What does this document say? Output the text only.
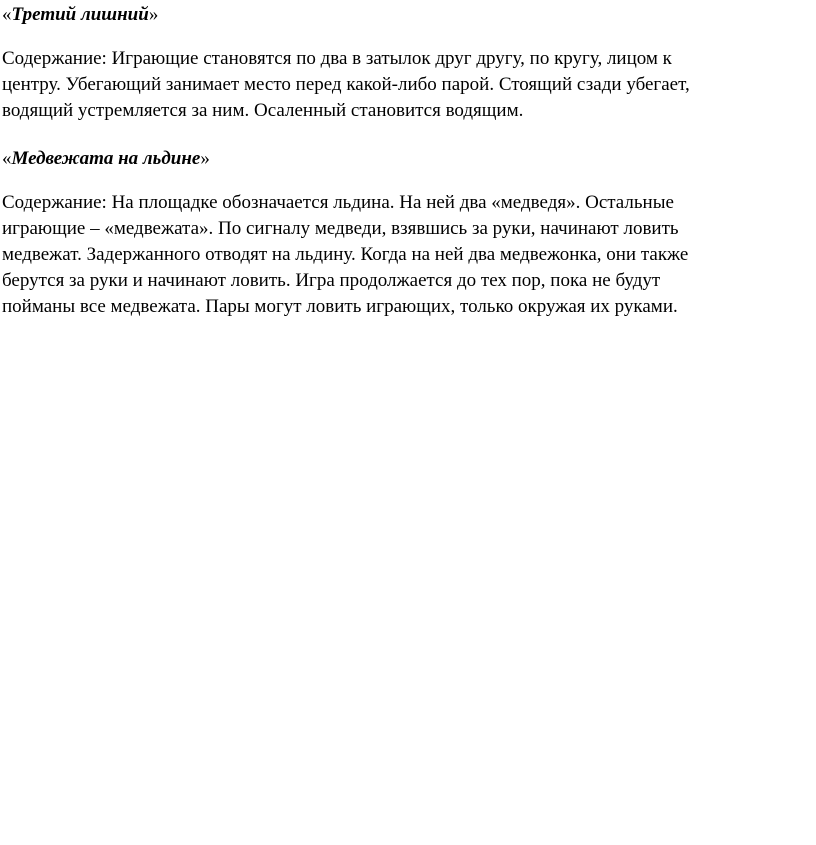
«Третий лишний»

Содержание: Играющие становятся по два в затылок друг другу, по кругу, лицом к
центру. Убегающий занимает место перед какой-либо парой. Стоящий сзади убегает,
водящий устремляется за ним. Осаленный становится водящим.

«Медвежата на льдине»

Содержание: На площадке обозначается льдина. На ней два «медведя». Остальные
играющие – «медвежата». По сигналу медведи, взявшись за руки, начинают ловить
медвежат. Задержанного отводят на льдину. Когда на ней два медвежонка, они также
берутся за руки и начинают ловить. Игра продолжается до тех пор, пока не будут
пойманы все медвежата. Пары могут ловить играющих, только окружая их руками.
